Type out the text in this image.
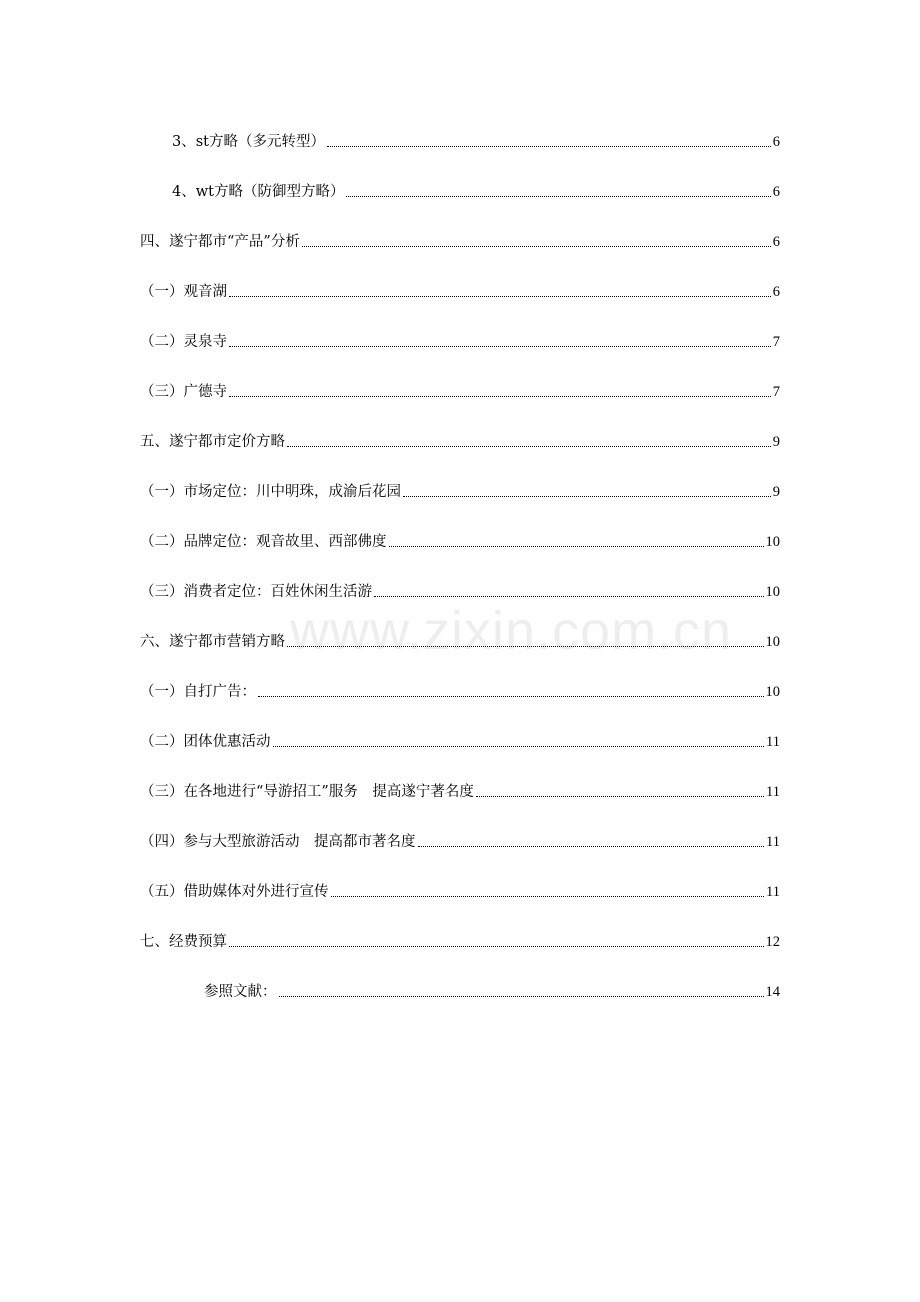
3、st方略（多元转型）	6
4、wt方略（防御型方略）	6
四、遂宁都市“产品”分析	6
（一）观音湖	6
（二）灵泉寺	7
（三）广德寺	7
五、遂宁都市定价方略	9
（一）市场定位：川中明珠，成渝后花园	9
（二）品牌定位：观音故里、西部佛度	10
（三）消费者定位：百姓休闲生活游	10
六、遂宁都市营销方略	10
（一）自打广告：	10
（二）团体优惠活动	11
（三）在各地进行“导游招工”服务　提高遂宁著名度	11
（四）参与大型旅游活动　提高都市著名度	11
（五）借助媒体对外进行宣传	11
七、经费预算	12
参照文献：	14
www.zixin.com.cn
